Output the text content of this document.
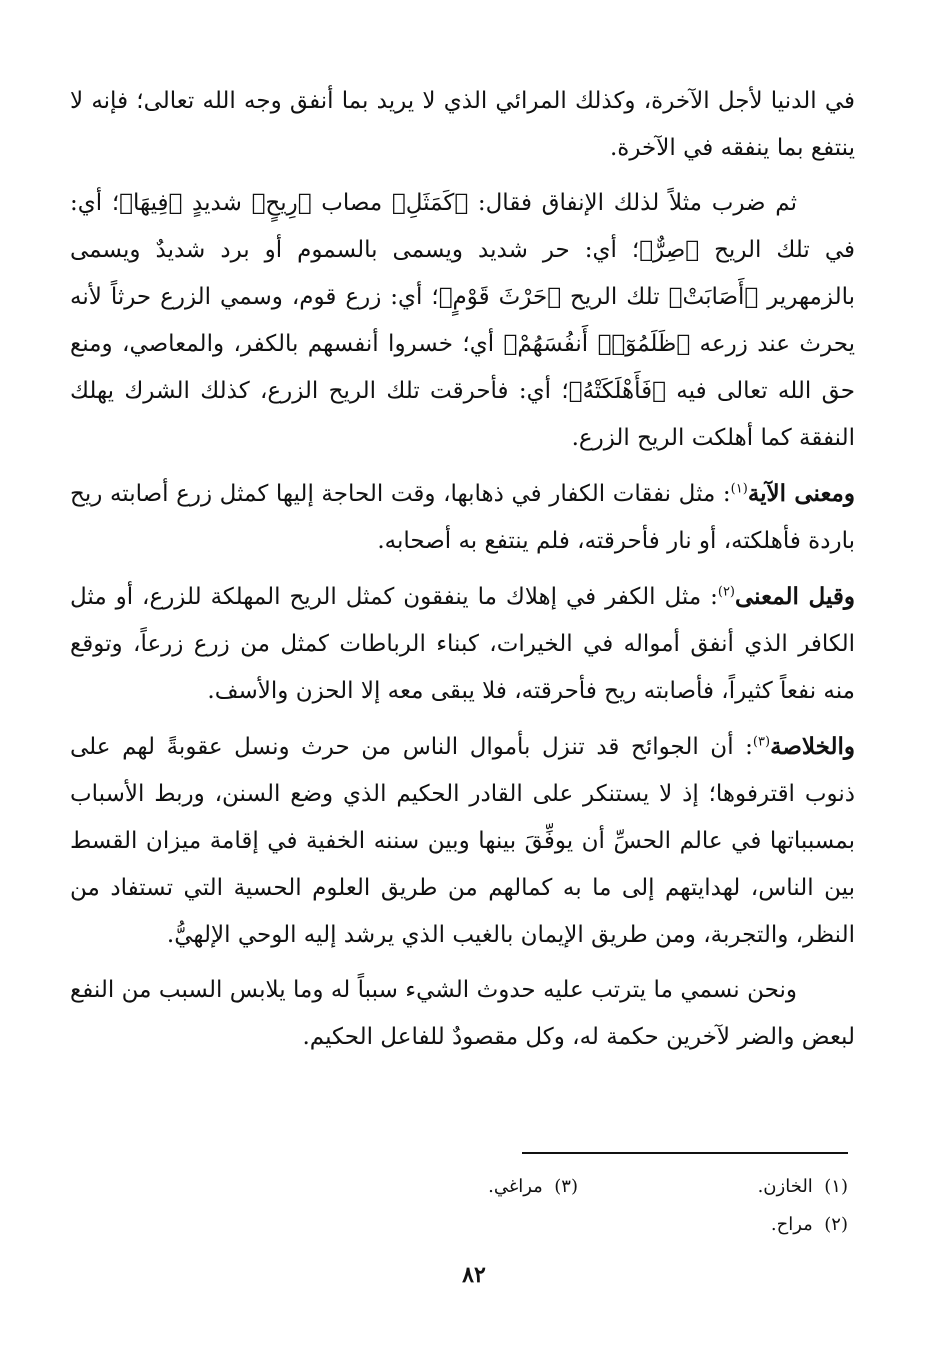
في الدنيا لأجل الآخرة، وكذلك المرائي الذي لا يريد بما أنفق وجه الله تعالى؛ فإنه لا ينتفع بما ينفقه في الآخرة.

ثم ضرب مثلاً لذلك الإنفاق فقال: ﴿كَمَثَلِ﴾ مصاب ﴿رِيحٍ﴾ شديدٍ ﴿فِيهَا﴾؛ أي: في تلك الريح ﴿صِرٌّ﴾؛ أي: حر شديد ويسمى بالسموم أو برد شديدٌ ويسمى بالزمهرير ﴿أَصَابَتْ﴾ تلك الريح ﴿حَرْثَ قَوْمٍ﴾؛ أي: زرع قوم، وسمي الزرع حرثاً لأنه يحرث عند زرعه ﴿ظَلَمُوٓا۟ أَنفُسَهُمْ﴾ أي؛ خسروا أنفسهم بالكفر، والمعاصي، ومنع حق الله تعالى فيه ﴿فَأَهْلَكَتْهُ﴾؛ أي: فأحرقت تلك الريح الزرع، كذلك الشرك يهلك النفقة كما أهلكت الريح الزرع.

ومعنى الآية$^{(١)}$: مثل نفقات الكفار في ذهابها، وقت الحاجة إليها كمثل زرع أصابته ريح باردة فأهلكته، أو نار فأحرقته، فلم ينتفع به أصحابه.

وقيل المعنى$^{(٢)}$: مثل الكفر في إهلاك ما ينفقون كمثل الريح المهلكة للزرع، أو مثل الكافر الذي أنفق أمواله في الخيرات، كبناء الرباطات كمثل من زرع زرعاً، وتوقع منه نفعاً كثيراً، فأصابته ريح فأحرقته، فلا يبقى معه إلا الحزن والأسف.

والخلاصة$^{(٣)}$: أن الجوائح قد تنزل بأموال الناس من حرث ونسل عقوبةً لهم على ذنوب اقترفوها؛ إذ لا يستنكر على القادر الحكيم الذي وضع السنن، وربط الأسباب بمسبباتها في عالم الحسِّ أن يوفِّقَ بينها وبين سننه الخفية في إقامة ميزان القسط بين الناس، لهدايتهم إلى ما به كمالهم من طريق العلوم الحسية التي تستفاد من النظر، والتجربة، ومن طريق الإيمان بالغيب الذي يرشد إليه الوحي الإلهيُّ.

ونحن نسمي ما يترتب عليه حدوث الشيء سبباً له وما يلابس السبب من النفع لبعض والضر لآخرين حكمة له، وكل مقصودٌ للفاعل الحكيم.

(١)  الخازن.
(٣)  مراغي.
(٢)  مراح.
٨٢
